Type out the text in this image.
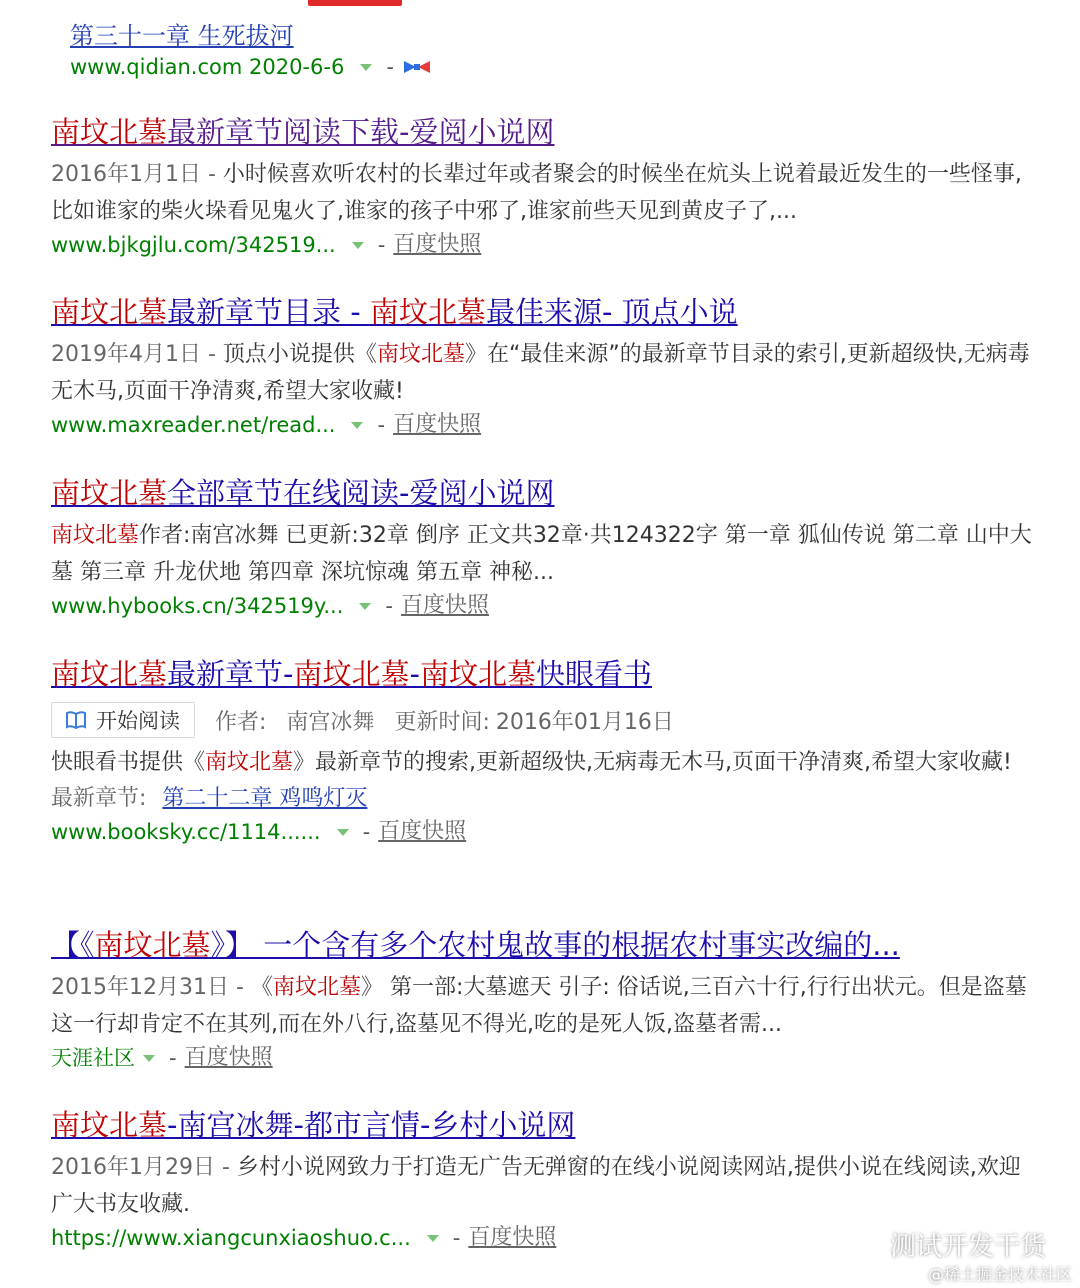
第三十一章 生死拔河
www.qidian.com 2020-6-6 -
南坟北墓最新章节阅读下载-爱阅小说网
2016年1月1日 - 小时候喜欢听农村的长辈过年或者聚会的时候坐在炕头上说着最近发生的一些怪事,比如谁家的柴火垛看见鬼火了,谁家的孩子中邪了,谁家前些天见到黄皮子了,...
www.bjkgjlu.com/342519... - 百度快照
南坟北墓最新章节目录 - 南坟北墓最佳来源- 顶点小说
2019年4月1日 - 顶点小说提供《南坟北墓》在“最佳来源”的最新章节目录的索引,更新超级快,无病毒无木马,页面干净清爽,希望大家收藏!
www.maxreader.net/read... - 百度快照
南坟北墓全部章节在线阅读-爱阅小说网
南坟北墓作者:南宫冰舞 已更新:32章 倒序 正文共32章·共124322字 第一章 狐仙传说 第二章 山中大墓 第三章 升龙伏地 第四章 深坑惊魂 第五章 神秘...
www.hybooks.cn/342519y... - 百度快照
南坟北墓最新章节-南坟北墓-南坟北墓快眼看书
开始阅读 作者: 南宫冰舞 更新时间: 2016年01月16日
快眼看书提供《南坟北墓》最新章节的搜索,更新超级快,无病毒无木马,页面干净清爽,希望大家收藏!
最新章节: 第二十二章 鸡鸣灯灭
www.booksky.cc/1114...... - 百度快照
【《南坟北墓》】 一个含有多个农村鬼故事的根据农村事实改编的...
2015年12月31日 - 《南坟北墓》 第一部:大墓遮天 引子: 俗话说,三百六十行,行行出状元。但是盗墓这一行却肯定不在其列,而在外八行,盗墓见不得光,吃的是死人饭,盗墓者需...
天涯社区 - 百度快照
南坟北墓-南宫冰舞-都市言情-乡村小说网
2016年1月29日 - 乡村小说网致力于打造无广告无弹窗的在线小说阅读网站,提供小说在线阅读,欢迎广大书友收藏.
https://www.xiangcunxiaoshuo.c... - 百度快照	测试开发干货
@稀土掘金技术社区
